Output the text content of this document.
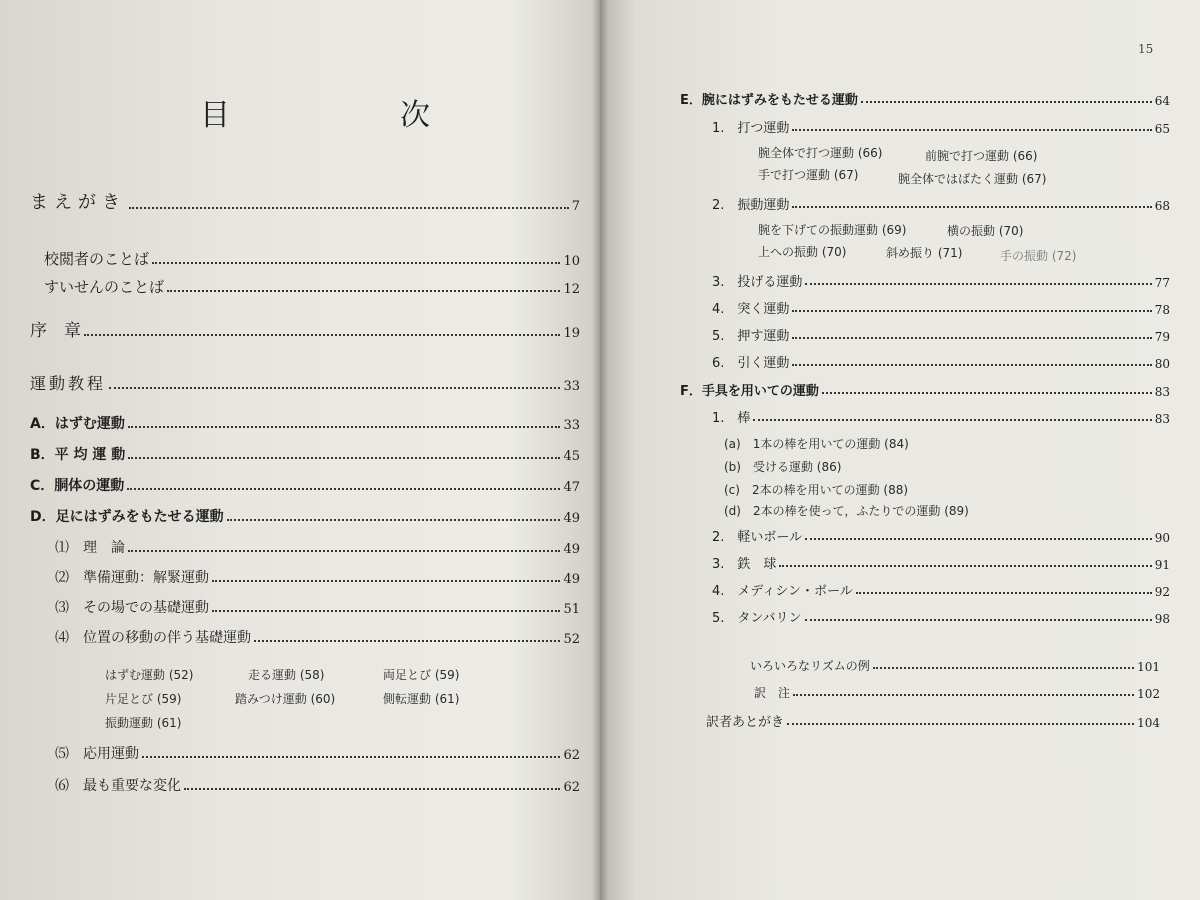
15
目	次
まえがき	7
校閲者のことば	10
すいせんのことば	12
序　章	19
運動教程	33
A．はずむ運動	33
B．平 均 運 動	45
C．胴体の運動	47
D．足にはずみをもたせる運動	49
⑴　理　論	49
⑵　準備運動：解緊運動	49
⑶　その場での基礎運動	51
⑷　位置の移動の伴う基礎運動	52
はずむ運動 (52)	走る運動 (58)	両足とび (59)
片足とび (59)	踏みつけ運動 (60)	側転運動 (61)
振動運動 (61)
⑸　応用運動	62
⑹　最も重要な変化	62
E．腕にはずみをもたせる運動	64
1.　打つ運動	65
腕全体で打つ運動 (66)	前腕で打つ運動 (66)
手で打つ運動 (67)	腕全体ではばたく運動 (67)
2.　振動運動	68
腕を下げての振動運動 (69)	横の振動 (70)
上への振動 (70)	斜め振り (71)	手の振動 (72)
3.　投げる運動	77
4.　突く運動	78
5.　押す運動	79
6.　引く運動	80
F．手具を用いての運動	83
1.　棒	83
(a)　1本の棒を用いての運動 (84)
(b)　受ける運動 (86)
(c)　2本の棒を用いての運動 (88)
(d)　2本の棒を使って，ふたりでの運動 (89)
2.　軽いボール	90
3.　鉄　球	91
4.　メディシン・ボール	92
5.　タンバリン	98
いろいろなリズムの例	101
訳　注	102
訳者あとがき	104
